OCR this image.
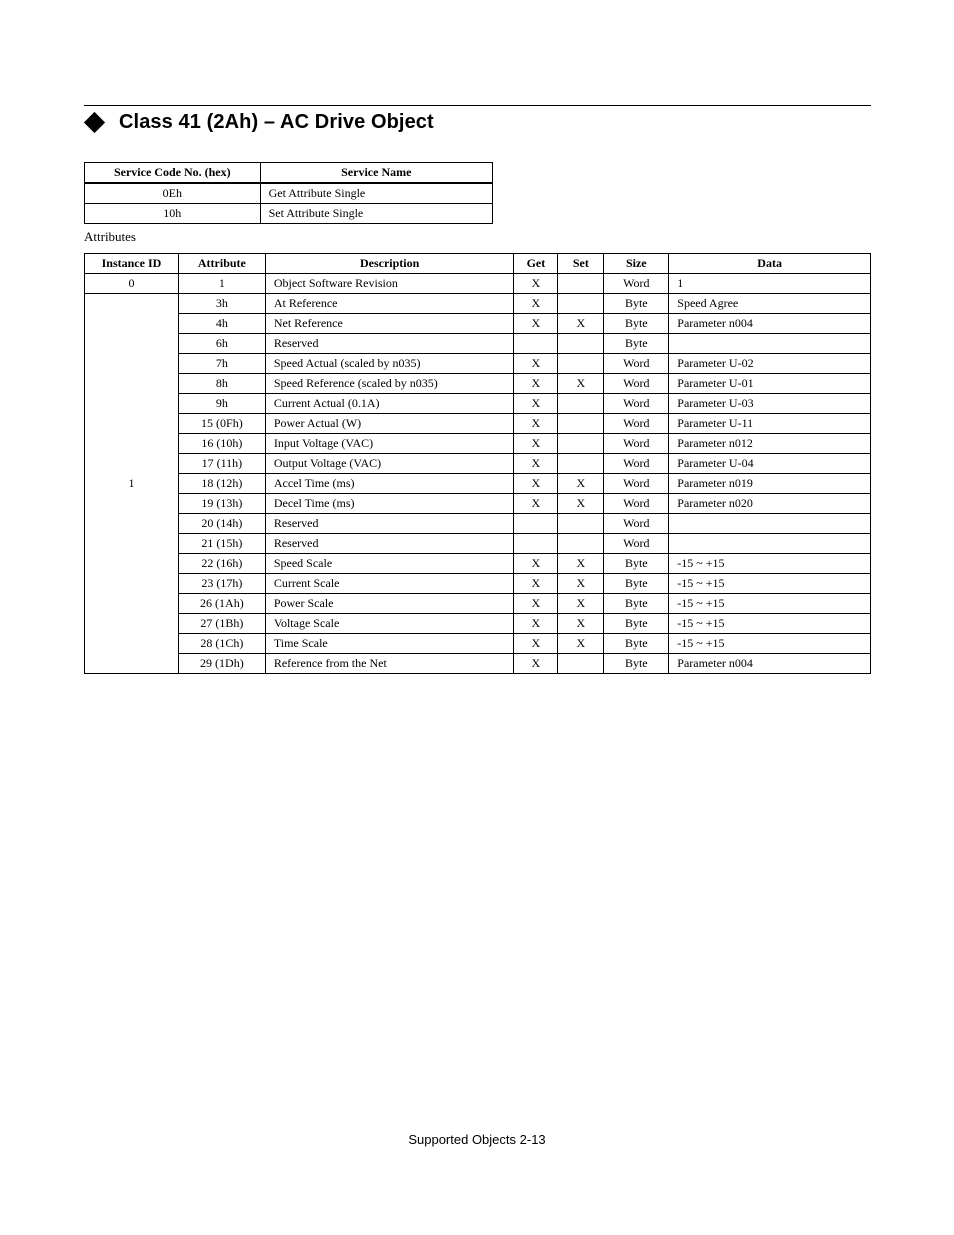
Class 41 (2Ah) – AC Drive Object
Service Code No. (hex)	Service Name
0Eh	Get Attribute Single
10h	Set Attribute Single
Attributes
Instance ID	Attribute	Description	Get	Set	Size	Data
0	1	Object Software Revision	X		Word	1
1	3h	At Reference	X		Byte	Speed Agree
	4h	Net Reference	X	X	Byte	Parameter n004
	6h	Reserved			Byte	
	7h	Speed Actual (scaled by n035)	X		Word	Parameter U-02
	8h	Speed Reference (scaled by n035)	X	X	Word	Parameter U-01
	9h	Current Actual (0.1A)	X		Word	Parameter U-03
	15 (0Fh)	Power Actual (W)	X		Word	Parameter U-11
	16 (10h)	Input Voltage (VAC)	X		Word	Parameter n012
	17 (11h)	Output Voltage (VAC)	X		Word	Parameter U-04
	18 (12h)	Accel Time (ms)	X	X	Word	Parameter n019
	19 (13h)	Decel Time (ms)	X	X	Word	Parameter n020
	20 (14h)	Reserved			Word	
	21 (15h)	Reserved			Word	
	22 (16h)	Speed Scale	X	X	Byte	-15 ~ +15
	23 (17h)	Current Scale	X	X	Byte	-15 ~ +15
	26 (1Ah)	Power Scale	X	X	Byte	-15 ~ +15
	27 (1Bh)	Voltage Scale	X	X	Byte	-15 ~ +15
	28 (1Ch)	Time Scale	X	X	Byte	-15 ~ +15
	29 (1Dh)	Reference from the Net	X		Byte	Parameter n004
Supported Objects 2-13
